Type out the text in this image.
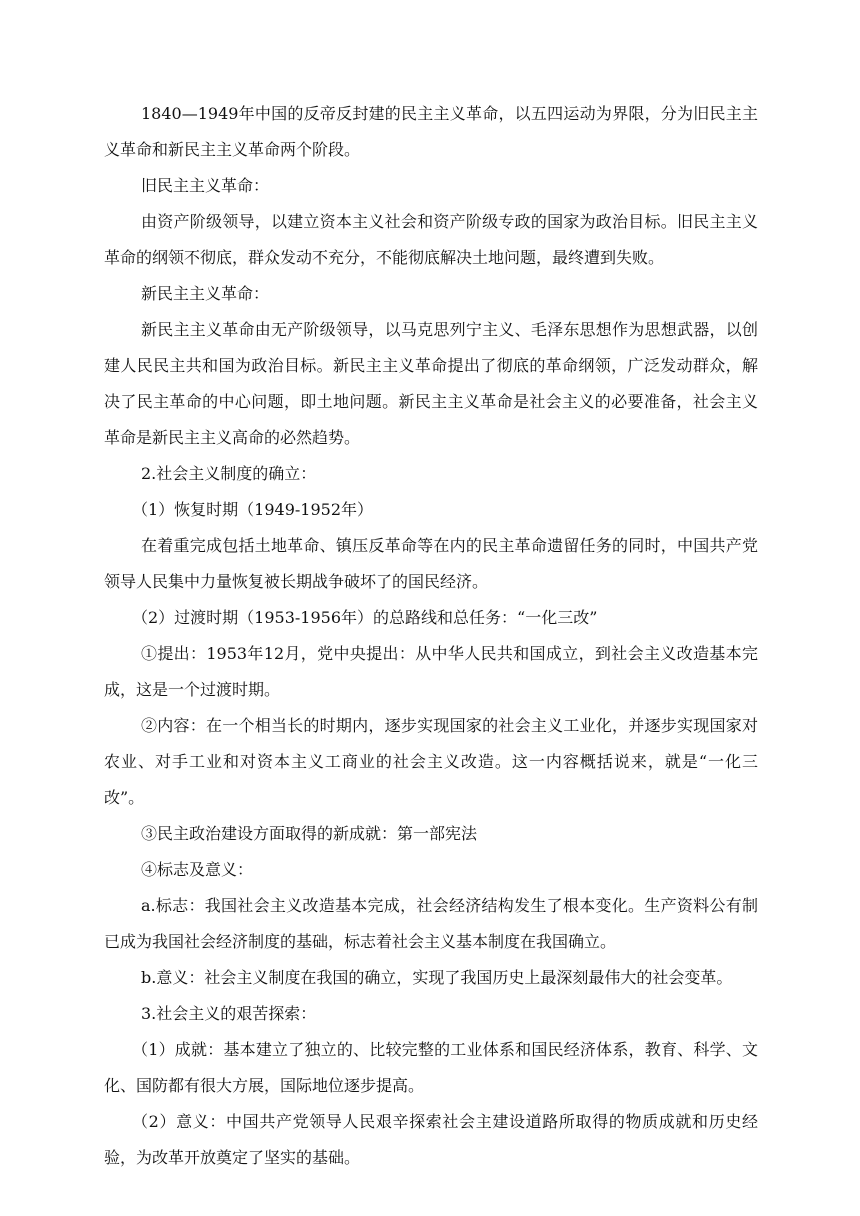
1840—1949年中国的反帝反封建的民主主义革命，以五四运动为界限，分为旧民主主义革命和新民主主义革命两个阶段。

旧民主主义革命：

由资产阶级领导，以建立资本主义社会和资产阶级专政的国家为政治目标。旧民主主义革命的纲领不彻底，群众发动不充分，不能彻底解决土地问题，最终遭到失败。

新民主主义革命：

新民主主义革命由无产阶级领导，以马克思列宁主义、毛泽东思想作为思想武器，以创建人民民主共和国为政治目标。新民主主义革命提出了彻底的革命纲领，广泛发动群众，解决了民主革命的中心问题，即土地问题。新民主主义革命是社会主义的必要准备，社会主义革命是新民主主义高命的必然趋势。

2.社会主义制度的确立：

（1）恢复时期（1949-1952年）

在着重完成包括土地革命、镇压反革命等在内的民主革命遗留任务的同时，中国共产党领导人民集中力量恢复被长期战争破坏了的国民经济。

（2）过渡时期（1953-1956年）的总路线和总任务：“一化三改”

①提出：1953年12月，党中央提出：从中华人民共和国成立，到社会主义改造基本完成，这是一个过渡时期。

②内容：在一个相当长的时期内，逐步实现国家的社会主义工业化，并逐步实现国家对农业、对手工业和对资本主义工商业的社会主义改造。这一内容概括说来，就是“一化三改”。

③民主政治建设方面取得的新成就：第一部宪法

④标志及意义：

a.标志：我国社会主义改造基本完成，社会经济结构发生了根本变化。生产资料公有制已成为我国社会经济制度的基础，标志着社会主义基本制度在我国确立。

b.意义：社会主义制度在我国的确立，实现了我国历史上最深刻最伟大的社会变革。

3.社会主义的艰苦探索：

（1）成就：基本建立了独立的、比较完整的工业体系和国民经济体系，教育、科学、文化、国防都有很大方展，国际地位逐步提高。

（2）意义：中国共产党领导人民艰辛探索社会主建设道路所取得的物质成就和历史经验，为改革开放奠定了坚实的基础。
